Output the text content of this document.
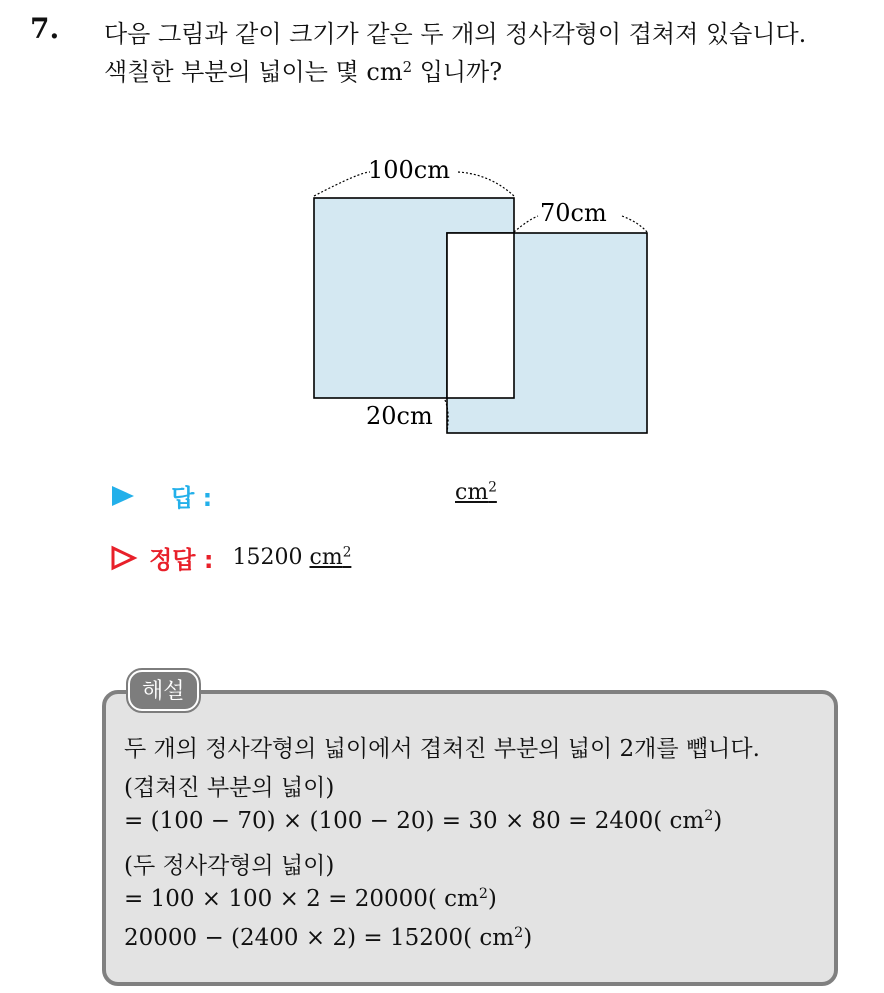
7. 다음 그림과 같이 크기가 같은 두 개의 정사각형이 겹쳐져 있습니다.
색칠한 부분의 넓이는 몇 $cm^2$ 입니까?
100cm
70cm
20cm
답 :	$cm^2$
정답 : 15200 $cm^2$
해설
두 개의 정사각형의 넓이에서 겹쳐진 부분의 넓이 2개를 뺍니다.
(겹쳐진 부분의 넓이)
= (100 − 70) × (100 − 20) = 30 × 80 = 2400( $cm^2$)
(두 정사각형의 넓이)
= 100 × 100 × 2 = 20000( $cm^2$)
20000 − (2400 × 2) = 15200( $cm^2$)
